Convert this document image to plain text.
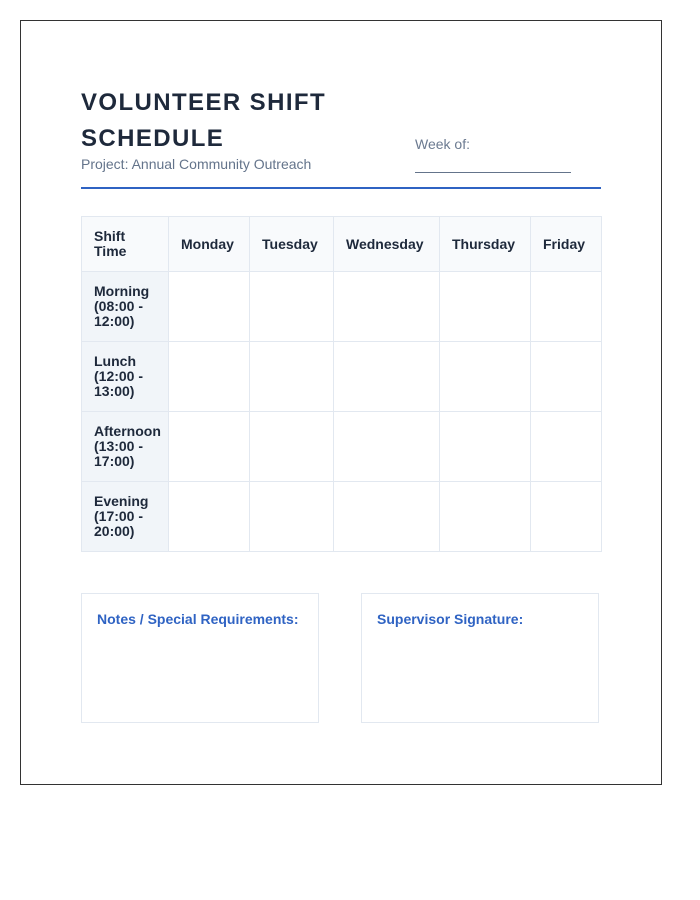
VOLUNTEER SHIFT SCHEDULE
Project: Annual Community Outreach
Week of:
Shift Time	Monday	Tuesday	Wednesday	Thursday	Friday
Morning (08:00 - 12:00)					
Lunch (12:00 - 13:00)					
Afternoon (13:00 - 17:00)					
Evening (17:00 - 20:00)					
Notes / Special Requirements:	Supervisor Signature:
